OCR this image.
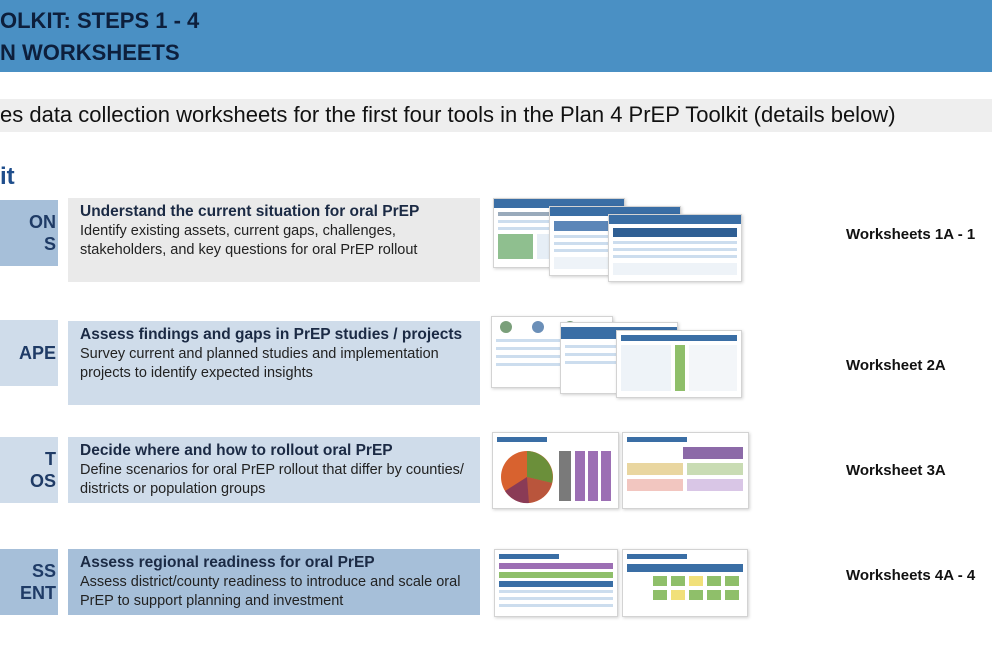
OLKIT: STEPS 1 - 4
N WORKSHEETS
es data collection worksheets for the first four tools in the Plan 4 PrEP Toolkit (details below)
it
ON
S
Understand the current situation for oral PrEP
Identify existing assets, current gaps, challenges, stakeholders, and key questions for oral PrEP rollout
Worksheets 1A - 1
APE
Assess findings and gaps in PrEP studies / projects
Survey current and planned studies and implementation projects to identify expected insights	Worksheet 2A
T
OS
Decide where and how to rollout oral PrEP
Define scenarios for oral PrEP rollout that differ by counties/ districts or population groups
Worksheet 3A
SS
ENT
Assess regional readiness for oral PrEP
Assess district/county readiness to introduce and scale oral PrEP to support planning and investment
Worksheets 4A - 4
